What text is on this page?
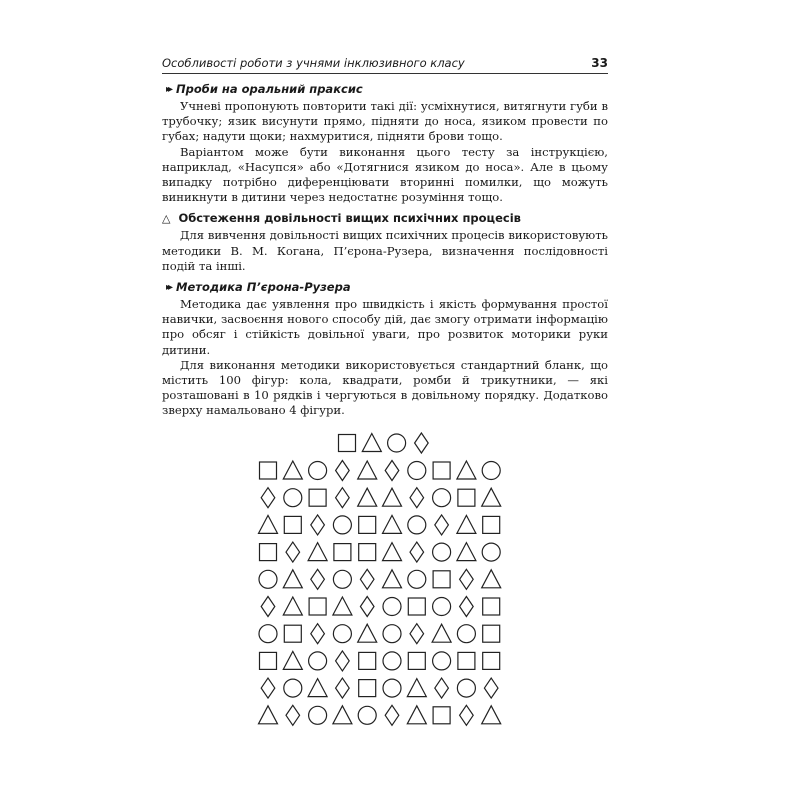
Особливості роботи з учнями інклюзивного класу	33
▸▸ Проби на оральний праксис

Учневі пропонують повторити такі дії: усміхнутися, витягнути губи в трубочку; язик висунути прямо, підняти до носа, язиком провести по губах; надути щоки; нахмуритися, підняти брови тощо.

Варіантом може бути виконання цього тесту за інструкцією, наприклад, «Насупся» або «Дотягнися язиком до носа». Але в цьому випадку потрібно диференціювати вторинні помилки, що можуть виникнути в дитини через недостатнє розуміння тощо.

△ Обстеження довільності вищих психічних процесів

Для вивчення довільності вищих психічних процесів використовують методики В. М. Когана, П’єрона-Рузера, визначення послідовності подій та інші.

▸▸ Методика П’єрона-Рузера

Методика дає уявлення про швидкість і якість формування простої навички, засвоєння нового способу дій, дає змогу отримати інформацію про обсяг і стійкість довільної уваги, про розвиток моторики руки дитини.

Для виконання методики використовується стандартний бланк, що містить 100 фігур: кола, квадрати, ромби й трикутники, — які розташовані в 10 рядків і чергуються в довільному порядку. Додатково зверху намальовано 4 фігури.
